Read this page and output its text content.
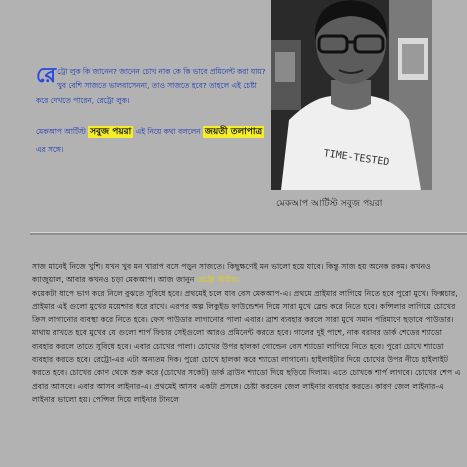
TIME-TESTED
মেকআপ আর্টিস্ট সবুজ পয়রা
রে ট্রো লুক কি জানেন? জানেন চোখ নাক কে কি ভাবে প্রমিনেন্ট করা যায়? খুব বেশি সাজতে ভালবাসেননা, তাও সাজতে হবে? তাহলে এই চেষ্টা করে দেখতে পারেন, রেট্রো লুক।
মেকআপ আর্টিস্ট সবুজ পয়রা এই নিয়ে কথা বললেন জয়তী তলাপাত্র এর সঙ্গে।

সাজ মানেই নিজে খুশি। যখন খুব মন খারাপ বসে পড়ুন সাজতে। কিছুক্ষণেই মন ভালো হয়ে যাবে। কিন্তু সাজ হয় অনেক রকম। কখনও ক্যাজুয়াল, আবার কখনও চড়া মেকআপ। আজ জানুন রেট্রো স্টাইল।

কয়েকটা ধাপে ভাগ করে নিলে বুঝতে সুবিধে হবে। প্রথমেই চলে যাব বেস মেকআপ-এ। প্রথমে প্রাইমার লাগিয়ে নিতে হবে পুরো মুখে। ফিক্সচার, প্রাইমার এই গুলো মুখের ময়েশ্চার ধরে রাখে। এরপর অল্প লিকুইড ফাউন্ডেশন দিয়ে সারা মুখে ব্লেন্ড করে নিতে হবে। কন্সিলার লাগিয়ে চোখের ক্রিস লাগানোর ব্যবস্থা করে নিতে হবে। ফেস পাউডার লাগানোর পালা এবার। ব্রাশ ব্যবহার করলে সারা মুখে সমান পরিমাণে ছড়াবে পাউডার। মাথায় রাখতে হবে মুখের যে গুলো শার্প ফিচার সেইগুলো আরও প্রমিনেন্ট করতে হবে। গালের দুই পাশে, নাক বরাবর ডার্ক শেডের শ্যাডো ব্যবহার করলে তাতে সুবিধে হবে। এবার চোখের পালা। চোখের উপর হালকা গোল্ডেন বেস শ্যাডো লাগিয়ে নিতে হবে। পুরো চোখে শ্যাডো ব্যবহার করতে হবে। রেট্রো-এর এটা অন্যতম দিক। পুরো চোখে হালকা করে শ্যাডো লাগানো। হাইলাইটার দিয়ে চোখের উপর নীচে হাইলাইট করতে হবে। চোখের কোণ থেকে শুরু করে (চোখের সকেট) ডার্ক ব্রাউন শ্যাডো দিয়ে ছড়িয়ে দিলাম। এতে চোখকে শার্প লাগবে। চোখের শেপ এ প্রবার আসবে। এবার আসব লাইনার-এ। প্রথমেই আসব একটা প্রসঙ্গে। চেষ্টা করবেন জেল লাইনার ব্যবহার করতে। কারণ জেল লাইনার-এ লাইনার ভালো হয়। পেন্সিল দিয়ে লাইনার টানলে
